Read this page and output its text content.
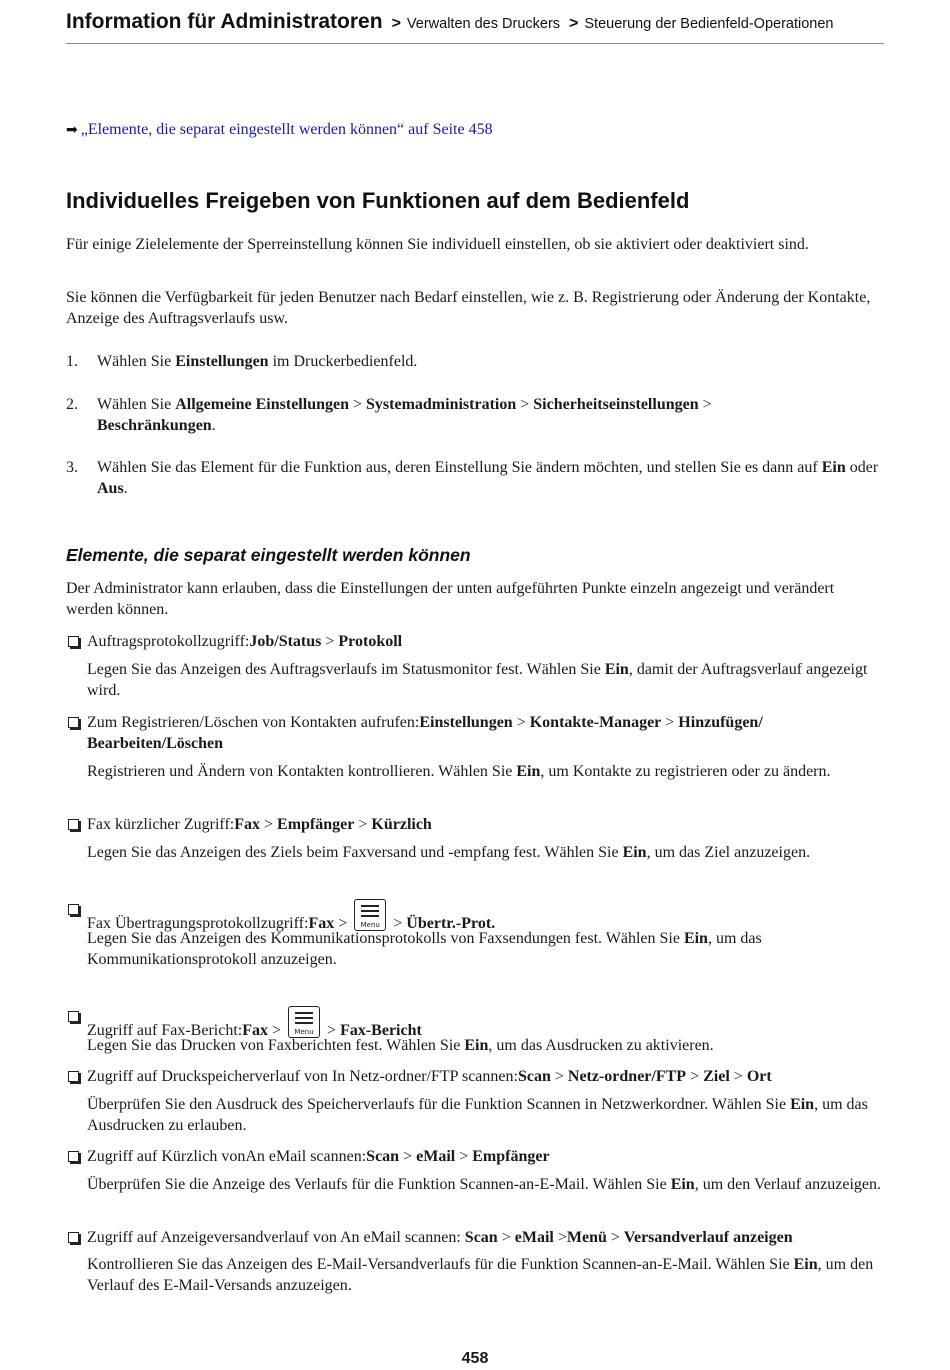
Information für Administratoren > Verwalten des Druckers > Steuerung der Bedienfeld-Operationen
➡ „Elemente, die separat eingestellt werden können“ auf Seite 458
Individuelles Freigeben von Funktionen auf dem Bedienfeld

Für einige Zielelemente der Sperreinstellung können Sie individuell einstellen, ob sie aktiviert oder deaktiviert sind.

Sie können die Verfügbarkeit für jeden Benutzer nach Bedarf einstellen, wie z. B. Registrierung oder Änderung der Kontakte, Anzeige des Auftragsverlaufs usw.

1. Wählen Sie Einstellungen im Druckerbedienfeld.
2. Wählen Sie Allgemeine Einstellungen > Systemadministration > Sicherheitseinstellungen >
Beschränkungen.
3. Wählen Sie das Element für die Funktion aus, deren Einstellung Sie ändern möchten, und stellen Sie es dann auf Ein oder Aus.
Elemente, die separat eingestellt werden können

Der Administrator kann erlauben, dass die Einstellungen der unten aufgeführten Punkte einzeln angezeigt und verändert werden können.

Auftragsprotokollzugriff:Job/Status > Protokoll
Legen Sie das Anzeigen des Auftragsverlaufs im Statusmonitor fest. Wählen Sie Ein, damit der Auftragsverlauf angezeigt wird.
Zum Registrieren/Löschen von Kontakten aufrufen:Einstellungen > Kontakte-Manager > Hinzufügen/ Bearbeiten/Löschen
Registrieren und Ändern von Kontakten kontrollieren. Wählen Sie Ein, um Kontakte zu registrieren oder zu ändern.
Fax kürzlicher Zugriff:Fax > Empfänger > Kürzlich
Legen Sie das Anzeigen des Ziels beim Faxversand und -empfang fest. Wählen Sie Ein, um das Ziel anzuzeigen.
Fax Übertragungsprotokollzugriff:Fax >	Menu > Übertr.-Prot.
Legen Sie das Anzeigen des Kommunikationsprotokolls von Faxsendungen fest. Wählen Sie Ein, um das Kommunikationsprotokoll anzuzeigen.
Zugriff auf Fax-Bericht:Fax >	Menu > Fax-Bericht
Legen Sie das Drucken von Faxberichten fest. Wählen Sie Ein, um das Ausdrucken zu aktivieren.
Zugriff auf Druckspeicherverlauf von In Netz-ordner/FTP scannen:Scan > Netz-ordner/FTP > Ziel > Ort
Überprüfen Sie den Ausdruck des Speicherverlaufs für die Funktion Scannen in Netzwerkordner. Wählen Sie Ein, um das Ausdrucken zu erlauben.
Zugriff auf Kürzlich vonAn eMail scannen:Scan > eMail > Empfänger
Überprüfen Sie die Anzeige des Verlaufs für die Funktion Scannen-an-E-Mail. Wählen Sie Ein, um den Verlauf anzuzeigen.
Zugriff auf Anzeigeversandverlauf von An eMail scannen: Scan > eMail >Menü > Versandverlauf anzeigen
Kontrollieren Sie das Anzeigen des E-Mail-Versandverlaufs für die Funktion Scannen-an-E-Mail. Wählen Sie Ein, um den Verlauf des E-Mail-Versands anzuzeigen.
458
